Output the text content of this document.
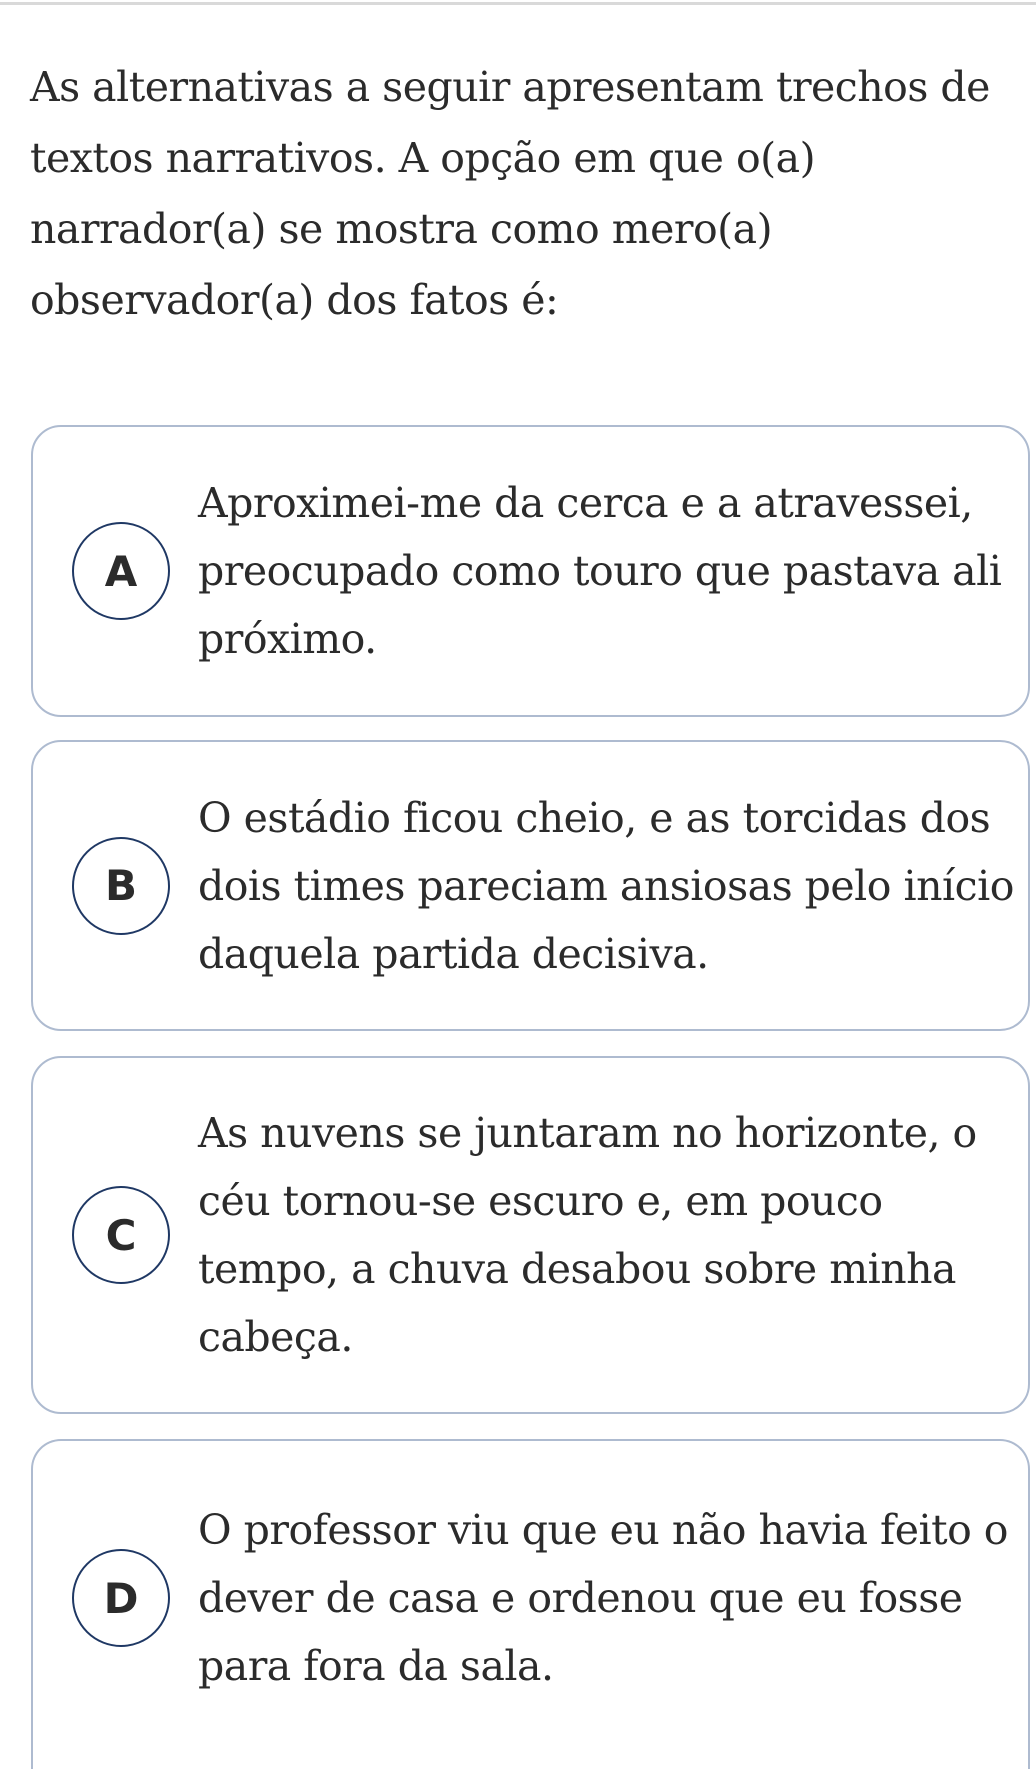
As alternativas a seguir apresentam trechos de textos narrativos. A opção em que o(a) narrador(a) se mostra como mero(a) observador(a) dos fatos é:

A
Aproximei-me da cerca e a atravessei, preocupado como touro que pastava ali próximo.
B
O estádio ficou cheio, e as torcidas dos dois times pareciam ansiosas pelo início daquela partida decisiva.
C
As nuvens se juntaram no horizonte, o céu tornou-se escuro e, em pouco tempo, a chuva desabou sobre minha cabeça.
D
O professor viu que eu não havia feito o dever de casa e ordenou que eu fosse para fora da sala.
